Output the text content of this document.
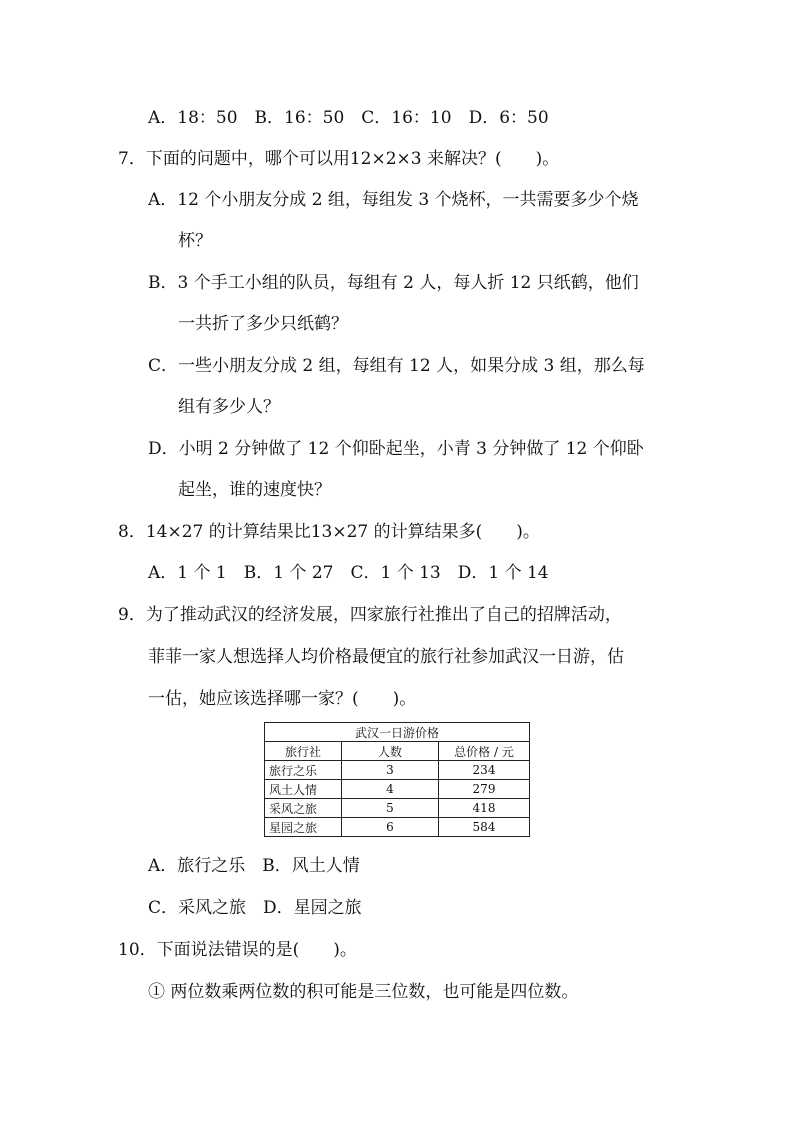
A．18：50　B．16：50　C．16：10　D．6：50
7．下面的问题中，哪个可以用12×2×3 来解决？(　　)。
A．12 个小朋友分成 2 组，每组发 3 个烧杯，一共需要多少个烧
杯？
B．3 个手工小组的队员，每组有 2 人，每人折 12 只纸鹤，他们
一共折了多少只纸鹤？
C．一些小朋友分成 2 组，每组有 12 人，如果分成 3 组，那么每
组有多少人？
D．小明 2 分钟做了 12 个仰卧起坐，小青 3 分钟做了 12 个仰卧
起坐，谁的速度快？
8．14×27 的计算结果比13×27 的计算结果多(　　)。
A．1 个 1　B．1 个 27　C．1 个 13　D．1 个 14
9．为了推动武汉的经济发展，四家旅行社推出了自己的招牌活动，
菲菲一家人想选择人均价格最便宜的旅行社参加武汉一日游，估
一估，她应该选择哪一家？(　　)。
武汉一日游价格		
旅行社	人数	总价格 / 元
旅行之乐	3	234
风土人情	4	279
采风之旅	5	418
星园之旅	6	584
A．旅行之乐　B．风土人情
C．采风之旅　D．星园之旅
10．下面说法错误的是(　　)。
① 两位数乘两位数的积可能是三位数，也可能是四位数。
